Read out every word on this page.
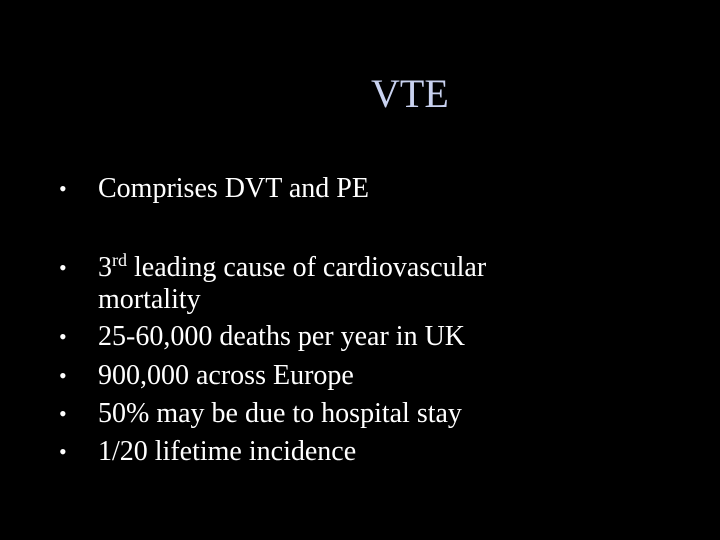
VTE
•	Comprises DVT and PE
•	3rd leading cause of cardiovascular mortality
•	25-60,000 deaths per year in UK
•	900,000 across Europe
•	50% may be due to hospital stay
•	1/20 lifetime incidence
